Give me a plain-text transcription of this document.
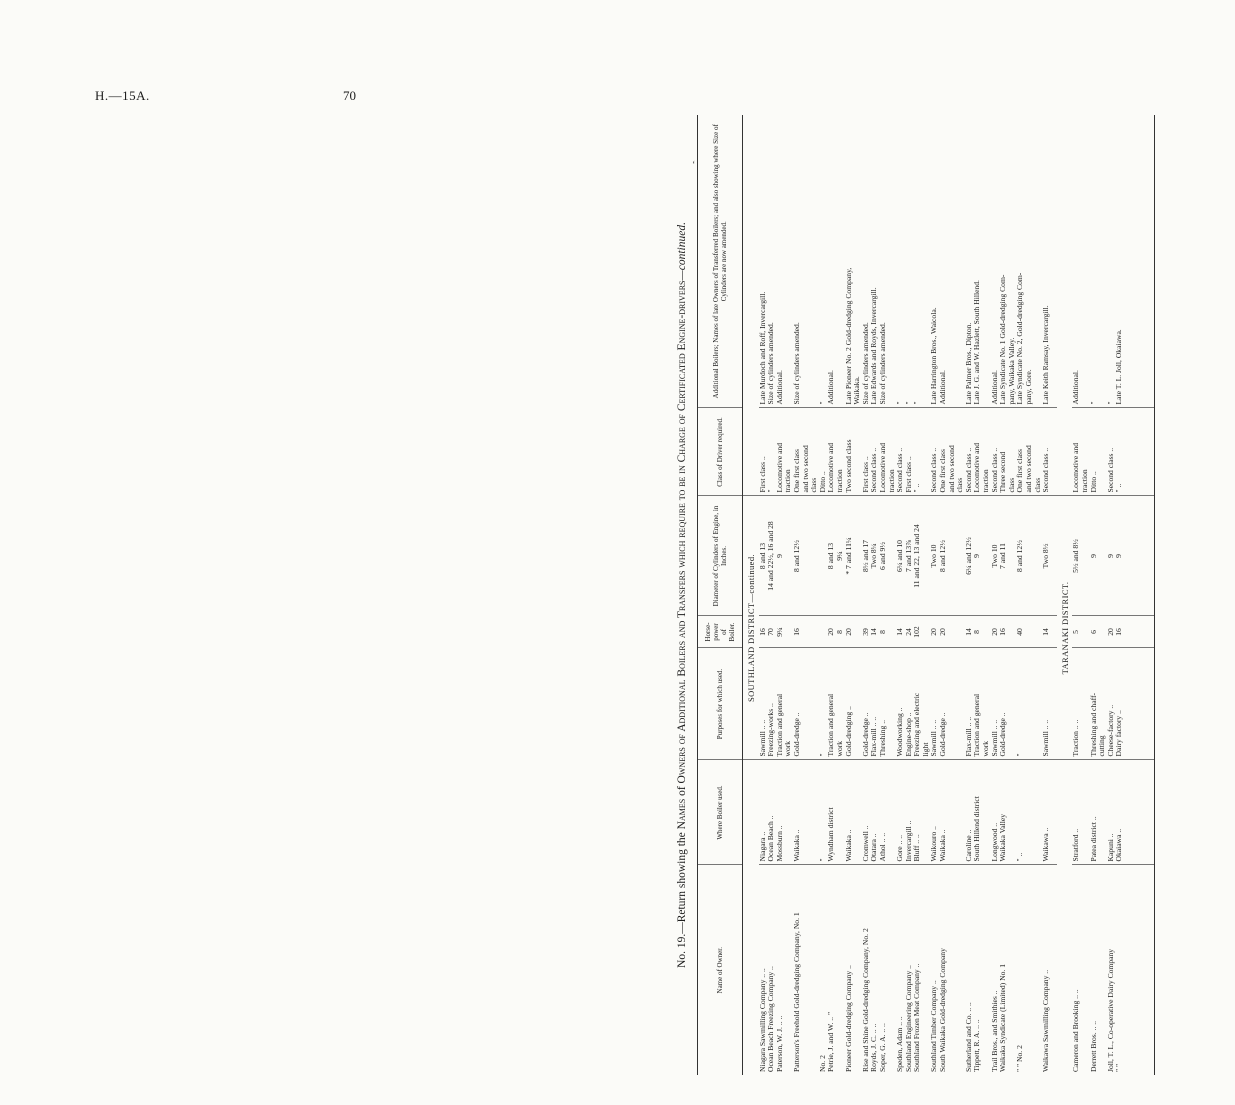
H.—15A.	70
ʻ
No. 19.—Return showing the Names of Owners of Additional Boilers and Transfers which require to be in Charge of Certificated Engine-drivers—continued.
Name of Owner.	Where Boiler used.	Purposes for which used.	Horse-power of Boiler.	Diameter of Cylinders of Engine, in Inches.	Class of Driver required.	Additional Boilers; Names of late Owners of Transferred Boilers; and also showing where Size of Cylinders are now amended.
		SOUTHLAND DISTRICT—continued.				
Niagara Sawmilling Company .. ..	Niagara ..	Sawmill .. ..	16	8 and 13	First class ..	Late Murdoch and Roff, Invercargill.
Ocean Beach Freezing Company ..	Ocean Beach ..	Freezing-works ..	70	14 and 22½, 16 and 28	"	Size of cylinders amended.
Paterson, W. J. .. ..	Mossburn ..	Traction and general	9¾	9	Locomotive and	Additional.
		work			traction	
Patterson's Freehold Gold-dredging Company, No. 1	Waikaka ..	Gold-dredge ..	16	8 and 12½	One first class	Size of cylinders amended.
					and two second	
					class	
No. 2	"	"			Ditto ..	"
Petrie, J. and W. .. "	Wyndham district	Traction and general	20	8 and 13	Locomotive and	Additional.
		work	8	9¼	traction	
Pioneer Gold-dredging Company ..	Waikaka ..	Gold-dredging ..	20	* 7 and 11¼	Two second class	Late Pioneer No. 2 Gold-dredging Company,
						Waikaka.
Rise and Shine Gold-dredging Company, No. 2	Cromwell ..	Gold-dredge ..	39	8½ and 17	First class ..	Size of cylinders amended.
Royds, J. C. .. ..	Otatara ..	Flax-mill .. ..	14	Two 8¼	Second class ..	Late Edwards and Royds, Invercargill.
Soper, G. A. .. ..	Athol .. ..	Threshing ..	8	6 and 9½	Locomotive and	Size of cylinders amended.
					traction	
Speden, Adam .. ..	Gore .. ..	Woodworking ..	14	6¼ and 10	Second class ..	"
Southland Engineering Company ..	Invercargill ..	Engine-shop ..	24	7 and 13⅞	First class ..	"
Southland Frozen Meat Company ..	Bluff .. ..	Freezing and electric	102	11 and 22, 13 and 24	" ..	"
		light				
Southland Timber Company ..	Waikouro ..	Sawmill .. ..	20	Two 10	Second class ..	Late Harrington Bros., Waicola.
South Waikaka Gold-dredging Company	Waikaka ..	Gold-dredge ..	20	8 and 12½	One first class	Additional.
					and two second	
					class	
Sutherland and Co. .. ..	Caroline ..	Flax-mill .. ..	14	6¼ and 12½	Second class ..	Late Palmer Bros., Dipton.
Tippett, R. A. .. ..	South Hillend district	Traction and general	8	9	Locomotive and	Late J. G. and W. Hazlett, South Hillend.
		work			traction	
Trail Bros., and Smithies ..	Longwood ..	Sawmill .. ..	20	Two 10	Second class ..	Additional.
Waikaka Syndicate (Limited) No. 1	Waikaka Valley	Gold-dredge ..	16	7 and 11	Three second	Late Syndicate No. 1 Gold-dredging Com-
					class	pany, Waikaka Valley.
" " No. 2	" ..	"	40	8 and 12½	One first class	Late Syndicate No. 2, Gold-dredging Com-
					and two second	pany, Gore.
					class	
Waikawa Sawmilling Company ..	Waikawa ..	Sawmill .. ..	14	Two 8½	Second class ..	Late Keith Ramsay, Invercargill.

		TARANAKI DISTRICT.				
Cameron and Brooking .. ..	Stratford ..	Traction .. ..	5	5½ and 8½	Locomotive and	Additional.
					traction	
Derrett Bros. .. ..	Patea district ..	Threshing and chaff-	6	9	Ditto ..	"
		cutting				
Joll, T. L., Co-operative Dairy Company	Kapuni ..	Cheese-factory ..	20	9	Second class ..	"
" "	Okaiawa ..	Dairy factory ..	16	9	" ..	Late T. L. Joll, Okaiawa.
